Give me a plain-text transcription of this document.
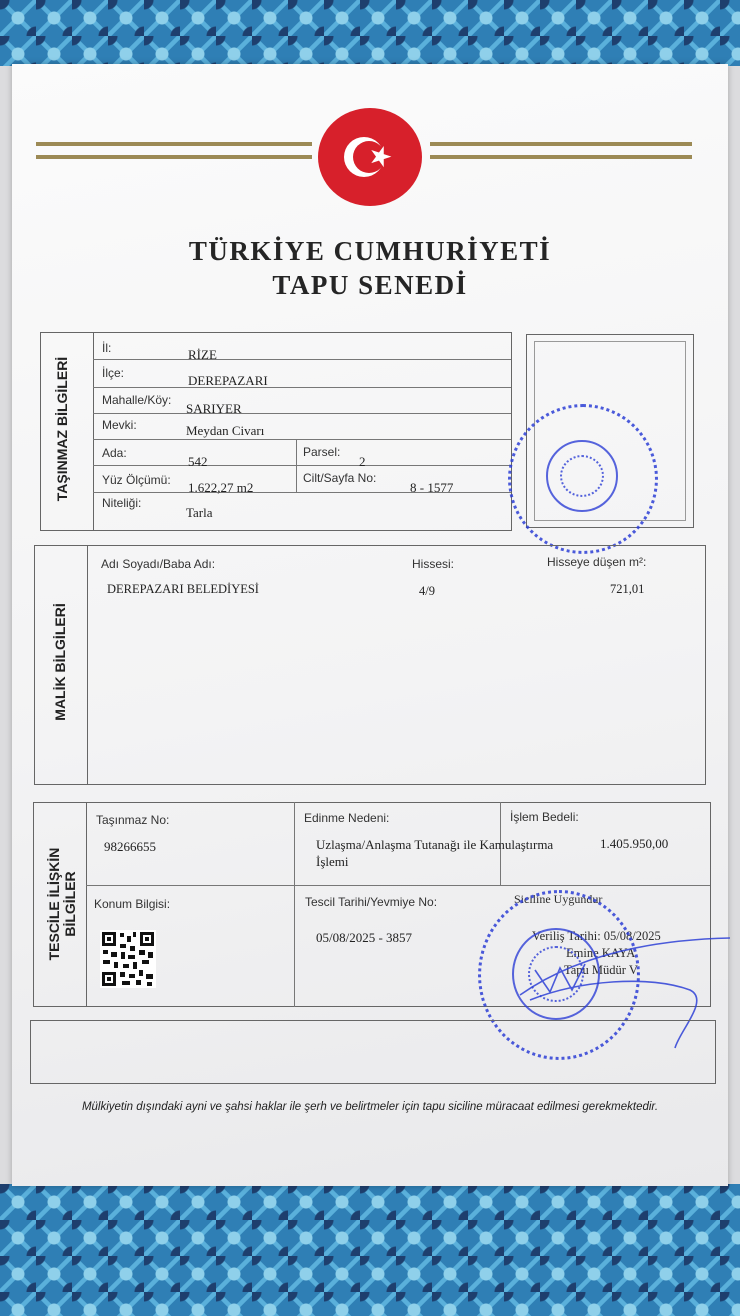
TÜRKİYE CUMHURİYETİ
TAPU SENEDİ
TAŞINMAZ BİLGİLERİ
İl:	RİZE
İlçe:	DEREPAZARI
Mahalle/Köy:
SARIYER
Mevki:	Meydan Civarı
Ada:
542
Parsel:
2
Yüz Ölçümü: 1.622,27 m2
Cilt/Sayfa No:
8 - 1577
Niteliği:
Tarla
MALİK BİLGİLERİ
Adı Soyadı/Baba Adı:	Hissesi:	Hisseye düşen m²:
DEREPAZARI BELEDİYESİ	4/9	721,01
TESCİLE İLİŞKİN BİLGİLER
Taşınmaz No:
98266655
Edinme Nedeni:
Uzlaşma/Anlaşma Tutanağı ile Kamulaştırma İşlemi
İşlem Bedeli:
1.405.950,00
Konum Bilgisi:	Tescil Tarihi/Yevmiye No:
05/08/2025 - 3857
Siciline Uygundur
Veriliş Tarihi: 05/08/2025
Emine KAYA
Tapu Müdür V.
Mülkiyetin dışındaki ayni ve şahsi haklar ile şerh ve belirtmeler için tapu siciline müracaat edilmesi gerekmektedir.
